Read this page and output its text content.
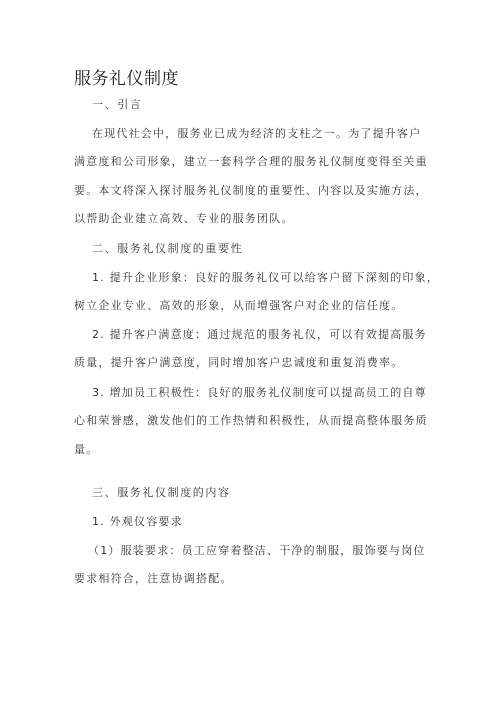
服务礼仪制度
一、引言
在现代社会中，服务业已成为经济的支柱之一。为了提升客户
满意度和公司形象，建立一套科学合理的服务礼仪制度变得至关重
要。本文将深入探讨服务礼仪制度的重要性、内容以及实施方法，
以帮助企业建立高效、专业的服务团队。
二、服务礼仪制度的重要性
1. 提升企业形象：良好的服务礼仪可以给客户留下深刻的印象，
树立企业专业、高效的形象，从而增强客户对企业的信任度。
2. 提升客户满意度：通过规范的服务礼仪，可以有效提高服务
质量，提升客户满意度，同时增加客户忠诚度和重复消费率。
3. 增加员工积极性：良好的服务礼仪制度可以提高员工的自尊
心和荣誉感，激发他们的工作热情和积极性，从而提高整体服务质
量。
三、服务礼仪制度的内容
1. 外观仪容要求
（1）服装要求：员工应穿着整洁、干净的制服，服饰要与岗位
要求相符合，注意协调搭配。
